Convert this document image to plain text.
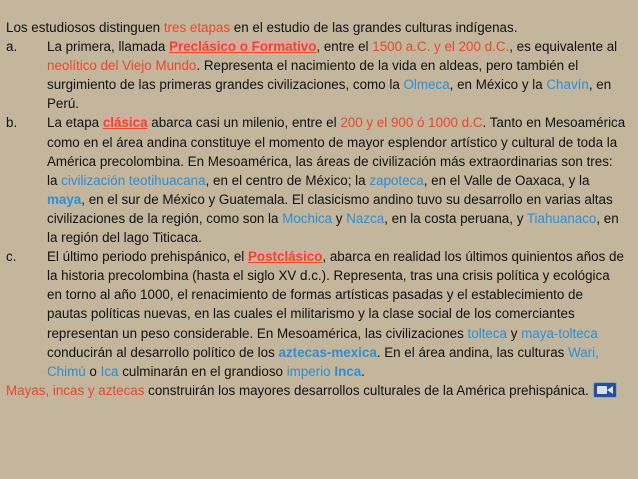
Los estudiosos distinguen tres etapas en el estudio de las grandes culturas indígenas.

a. La primera, llamada Preclásico o Formativo, entre el 1500 a.C. y el 200 d.C., es equivalente al neolítico del Viejo Mundo. Representa el nacimiento de la vida en aldeas, pero también el surgimiento de las primeras grandes civilizaciones, como la Olmeca, en México y la Chavín, en Perú.

b. La etapa clásica abarca casi un milenio, entre el 200 y el 900 ó 1000 d.C. Tanto en Mesoamérica como en el área andina constituye el momento de mayor esplendor artístico y cultural de toda la América precolombina. En Mesoamérica, las áreas de civilización más extraordinarias son tres: la civilización teotihuacana, en el centro de México; la zapoteca, en el Valle de Oaxaca, y la maya, en el sur de México y Guatemala. El clasicismo andino tuvo su desarrollo en varias altas civilizaciones de la región, como son la Mochica y Nazca, en la costa peruana, y Tiahuanaco, en la región del lago Titicaca.

c. El último periodo prehispánico, el Postclásico, abarca en realidad los últimos quinientos años de la historia precolombina (hasta el siglo XV d.c.). Representa, tras una crisis política y ecológica en torno al año 1000, el renacimiento de formas artísticas pasadas y el establecimiento de pautas políticas nuevas, en las cuales el militarismo y la clase social de los comerciantes representan un peso considerable. En Mesoamérica, las civilizaciones tolteca y maya-tolteca conducirán al desarrollo político de los aztecas-mexica. En el área andina, las culturas Wari, Chimú o Ica culminarán en el grandioso imperio Inca.

Mayas, incas y aztecas construirán los mayores desarrollos culturales de la América prehispánica.
